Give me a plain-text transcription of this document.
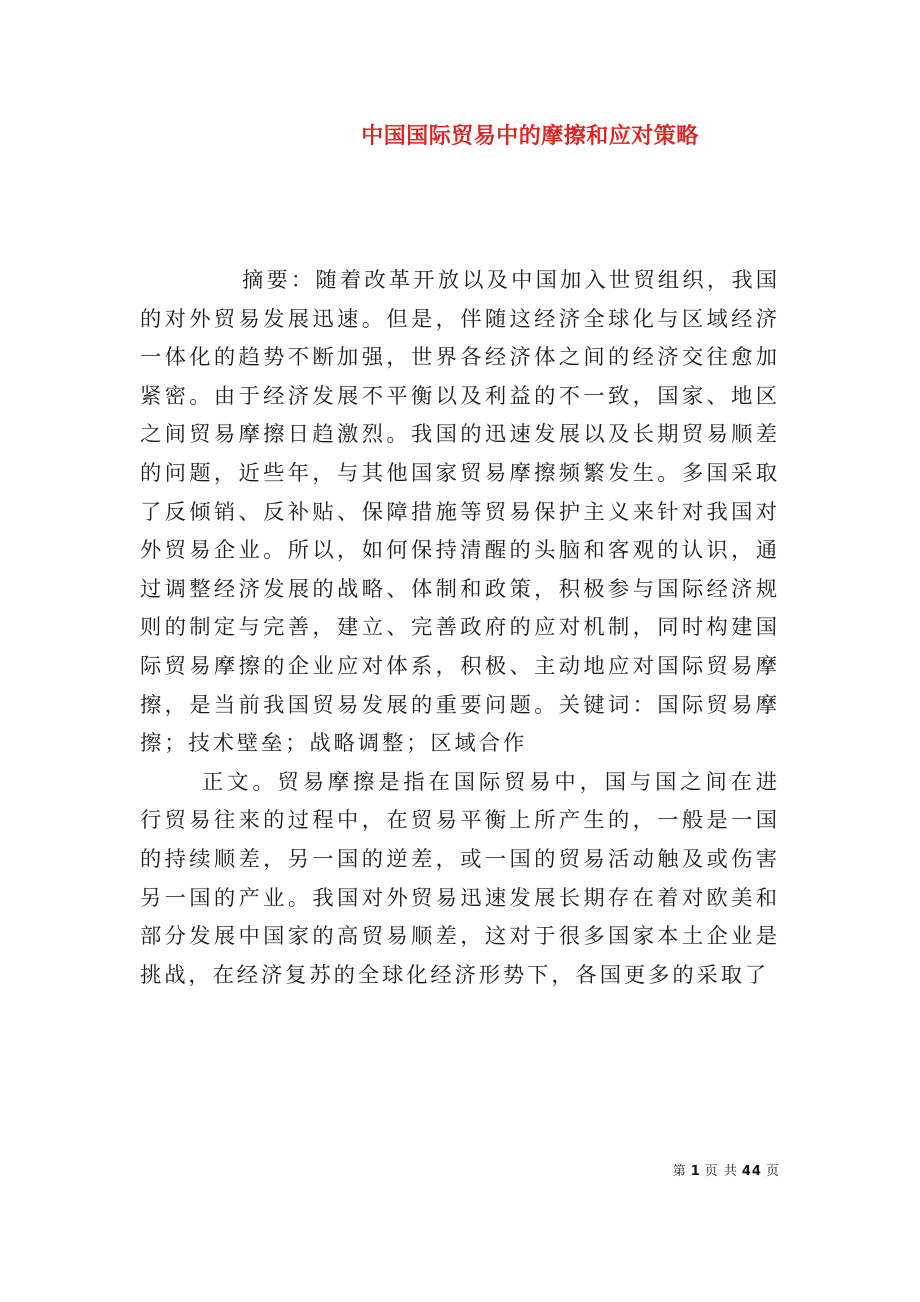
中国国际贸易中的摩擦和应对策略

摘要：随着改革开放以及中国加入世贸组织，我国的对外贸易发展迅速。但是，伴随这经济全球化与区域经济一体化的趋势不断加强，世界各经济体之间的经济交往愈加紧密。由于经济发展不平衡以及利益的不一致，国家、地区之间贸易摩擦日趋激烈。我国的迅速发展以及长期贸易顺差的问题，近些年，与其他国家贸易摩擦频繁发生。多国采取了反倾销、反补贴、保障措施等贸易保护主义来针对我国对外贸易企业。所以，如何保持清醒的头脑和客观的认识，通过调整经济发展的战略、体制和政策，积极参与国际经济规则的制定与完善，建立、完善政府的应对机制，同时构建国际贸易摩擦的企业应对体系，积极、主动地应对国际贸易摩擦，是当前我国贸易发展的重要问题。关键词：国际贸易摩擦；技术壁垒；战略调整；区域合作

正文。贸易摩擦是指在国际贸易中，国与国之间在进行贸易往来的过程中，在贸易平衡上所产生的，一般是一国的持续顺差，另一国的逆差，或一国的贸易活动触及或伤害另一国的产业。我国对外贸易迅速发展长期存在着对欧美和部分发展中国家的高贸易顺差，这对于很多国家本土企业是挑战，在经济复苏的全球化经济形势下，各国更多的采取了

第 1 页 共 44 页
